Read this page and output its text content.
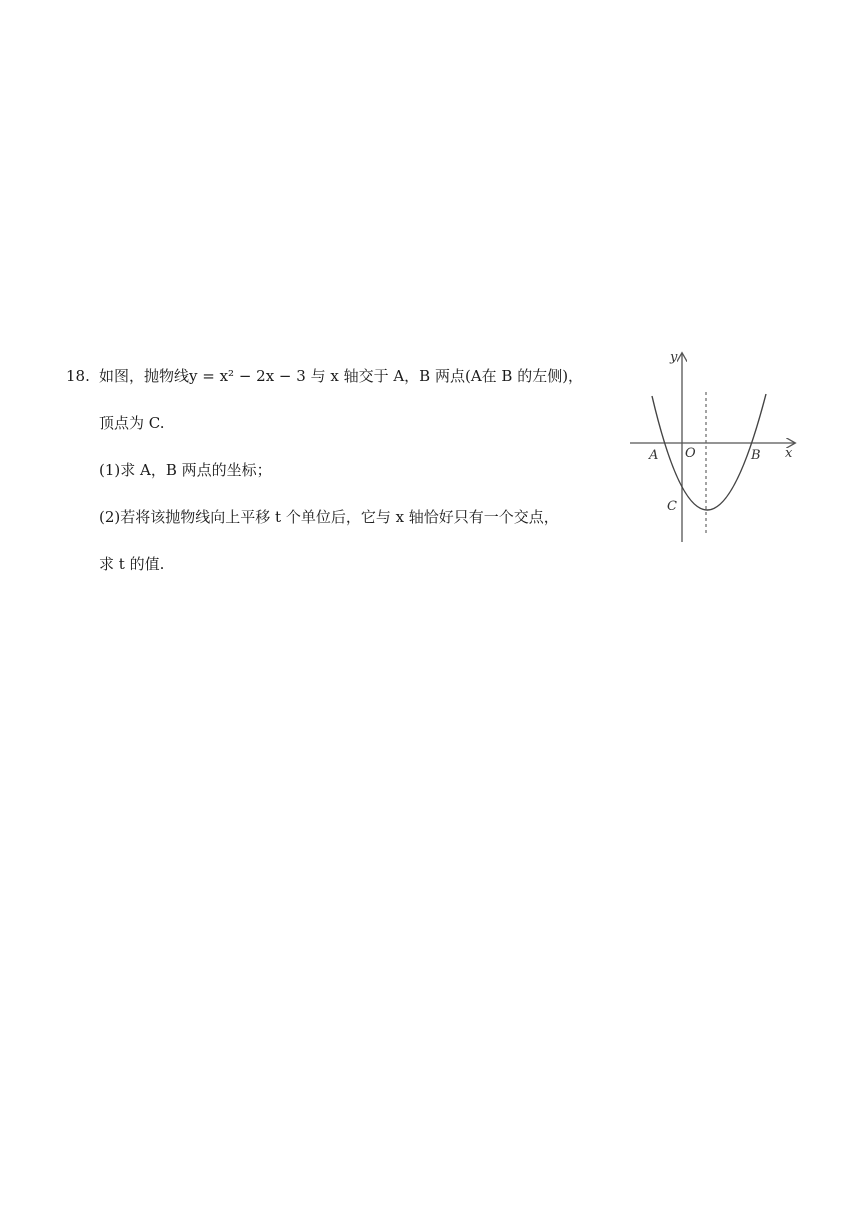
18. 如图，抛物线y = x² − 2x − 3 与 x 轴交于 A，B 两点(A在 B 的左侧)，
顶点为 C.
(1)求 A，B 两点的坐标；
(2)若将该抛物线向上平移 t 个单位后，它与 x 轴恰好只有一个交点，
求 t 的值.
y
x
A O	B
C
